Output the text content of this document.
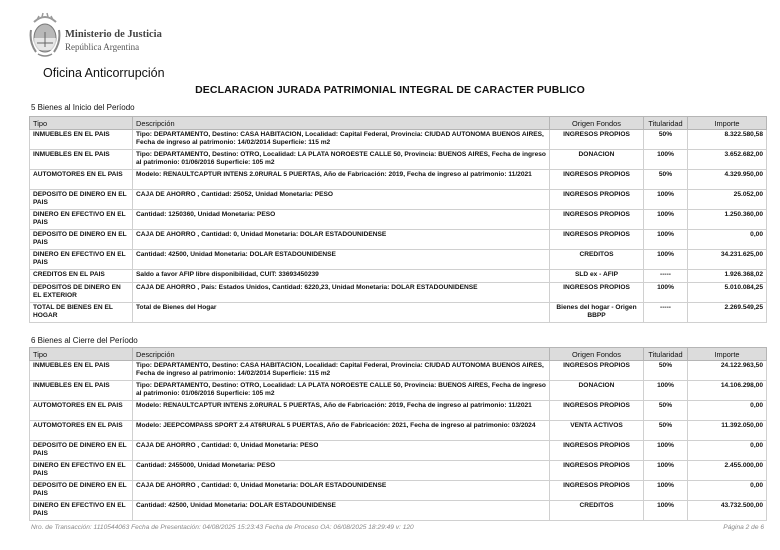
Ministerio de Justicia
República Argentina
Oficina Anticorrupción
DECLARACION JURADA PATRIMONIAL INTEGRAL DE CARACTER PUBLICO
5 Bienes al Inicio del Período
Tipo	Descripción	Origen Fondos	Titularidad	Importe
INMUEBLES EN EL PAIS	Tipo: DEPARTAMENTO, Destino: CASA HABITACION, Localidad: Capital Federal, Provincia: CIUDAD AUTONOMA BUENOS AIRES, Fecha de ingreso al patrimonio: 14/02/2014 Superficie: 115 m2	INGRESOS PROPIOS	50%	8.322.580,58
INMUEBLES EN EL PAIS	Tipo: DEPARTAMENTO, Destino: OTRO, Localidad: LA PLATA NOROESTE CALLE 50, Provincia: BUENOS AIRES, Fecha de ingreso al patrimonio: 01/06/2016 Superficie: 105 m2	DONACION	100%	3.652.682,00
AUTOMOTORES EN EL PAIS	Modelo: RENAULTCAPTUR INTENS 2.0RURAL 5 PUERTAS, Año de Fabricación: 2019, Fecha de ingreso al patrimonio: 11/2021	INGRESOS PROPIOS	50%	4.329.950,00
DEPOSITO DE DINERO EN EL PAIS	CAJA DE AHORRO , Cantidad: 25052, Unidad Monetaria: PESO	INGRESOS PROPIOS	100%	25.052,00
DINERO EN EFECTIVO EN EL PAIS	Cantidad: 1250360, Unidad Monetaria: PESO	INGRESOS PROPIOS	100%	1.250.360,00
DEPOSITO DE DINERO EN EL PAIS	CAJA DE AHORRO , Cantidad: 0, Unidad Monetaria: DOLAR ESTADOUNIDENSE	INGRESOS PROPIOS	100%	0,00
DINERO EN EFECTIVO EN EL PAIS	Cantidad: 42500, Unidad Monetaria: DOLAR ESTADOUNIDENSE	CREDITOS	100%	34.231.625,00
CREDITOS EN EL PAIS	Saldo a favor AFIP libre disponibilidad, CUIT: 33693450239	SLD ex - AFIP	-----	1.926.368,02
DEPOSITOS DE DINERO EN EL EXTERIOR	CAJA DE AHORRO , País: Estados Unidos, Cantidad: 6220,23, Unidad Monetaria: DOLAR ESTADOUNIDENSE	INGRESOS PROPIOS	100%	5.010.084,25
TOTAL DE BIENES EN EL HOGAR	Total de Bienes del Hogar	Bienes del hogar - Origen BBPP	-----	2.269.549,25
6 Bienes al Cierre del Período
Tipo	Descripción	Origen Fondos	Titularidad	Importe
INMUEBLES EN EL PAIS	Tipo: DEPARTAMENTO, Destino: CASA HABITACION, Localidad: Capital Federal, Provincia: CIUDAD AUTONOMA BUENOS AIRES, Fecha de ingreso al patrimonio: 14/02/2014 Superficie: 115 m2	INGRESOS PROPIOS	50%	24.122.963,50
INMUEBLES EN EL PAIS	Tipo: DEPARTAMENTO, Destino: OTRO, Localidad: LA PLATA NOROESTE CALLE 50, Provincia: BUENOS AIRES, Fecha de ingreso al patrimonio: 01/06/2016 Superficie: 105 m2	DONACION	100%	14.106.298,00
AUTOMOTORES EN EL PAIS	Modelo: RENAULTCAPTUR INTENS 2.0RURAL 5 PUERTAS, Año de Fabricación: 2019, Fecha de ingreso al patrimonio: 11/2021	INGRESOS PROPIOS	50%	0,00
AUTOMOTORES EN EL PAIS	Modelo: JEEPCOMPASS SPORT 2.4 AT6RURAL 5 PUERTAS, Año de Fabricación: 2021, Fecha de ingreso al patrimonio: 03/2024	VENTA ACTIVOS	50%	11.392.050,00
DEPOSITO DE DINERO EN EL PAIS	CAJA DE AHORRO , Cantidad: 0, Unidad Monetaria: PESO	INGRESOS PROPIOS	100%	0,00
DINERO EN EFECTIVO EN EL PAIS	Cantidad: 2455000, Unidad Monetaria: PESO	INGRESOS PROPIOS	100%	2.455.000,00
DEPOSITO DE DINERO EN EL PAIS	CAJA DE AHORRO , Cantidad: 0, Unidad Monetaria: DOLAR ESTADOUNIDENSE	INGRESOS PROPIOS	100%	0,00
DINERO EN EFECTIVO EN EL PAIS	Cantidad: 42500, Unidad Monetaria: DOLAR ESTADOUNIDENSE	CREDITOS	100%	43.732.500,00
Nro. de Transacción: 1110544063 Fecha de Presentación: 04/08/2025 15:23:43 Fecha de Proceso OA: 06/08/2025 18:29:49 v: 120	Página 2 de 6
